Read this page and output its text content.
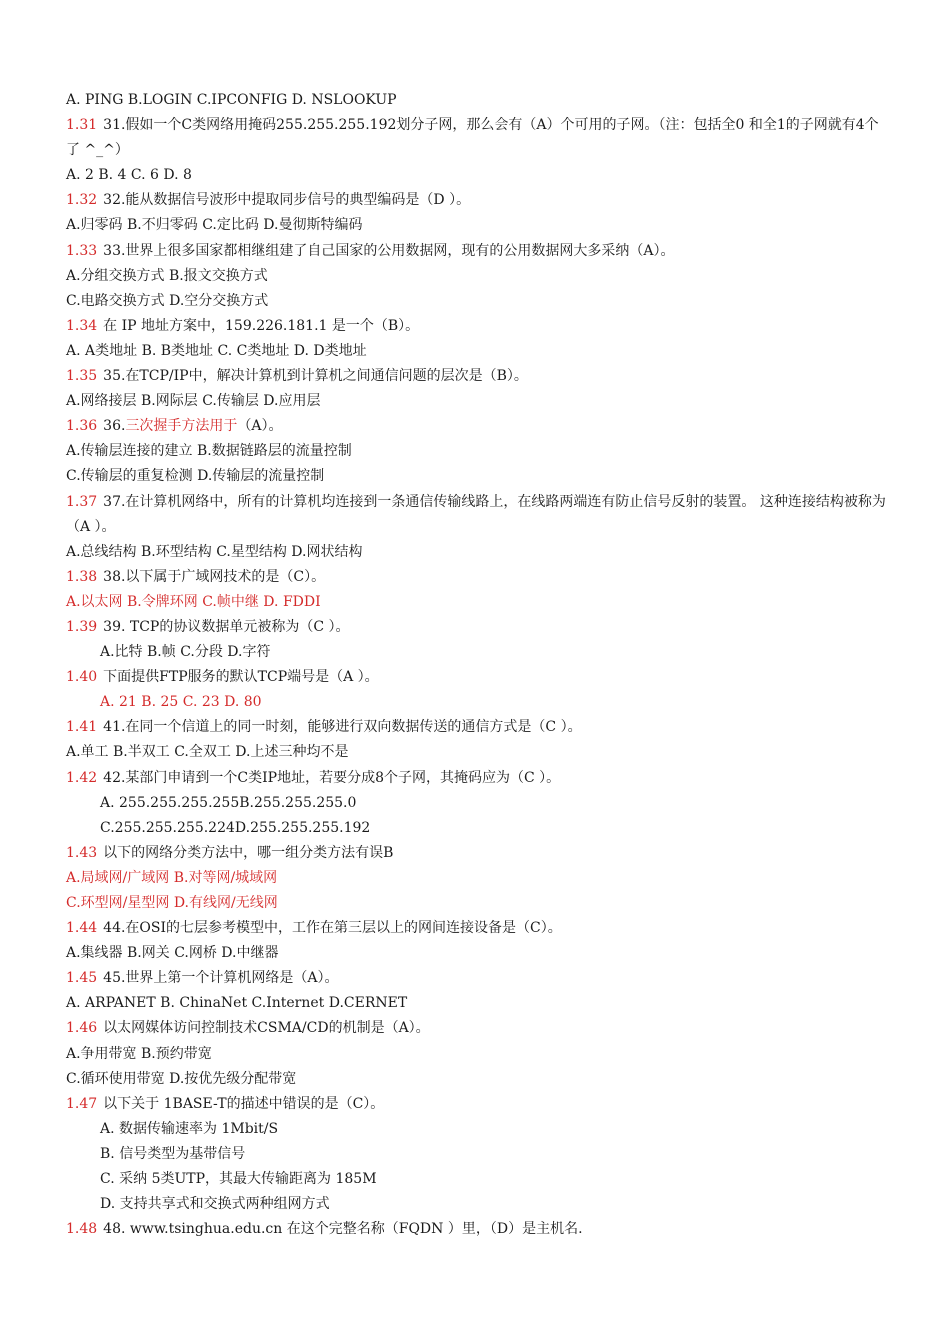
A. PING B.LOGIN C.IPCONFIG D. NSLOOKUP
1.31 31.假如一个C类网络用掩码255.255.255.192划分子网，那么会有（A）个可用的子网。（注：包括全0 和全1的子网就有4个了 ^_^）
A. 2 B. 4 C. 6 D. 8
1.32 32.能从数据信号波形中提取同步信号的典型编码是（D ）。
A.归零码 B.不归零码 C.定比码 D.曼彻斯特编码
1.33 33.世界上很多国家都相继组建了自己国家的公用数据网，现有的公用数据网大多采纳（A）。
A.分组交换方式 B.报文交换方式
C.电路交换方式 D.空分交换方式
1.34 在 IP 地址方案中，159.226.181.1 是一个（B）。
A. A类地址 B. B类地址 C. C类地址 D. D类地址
1.35 35.在TCP/IP中，解决计算机到计算机之间通信问题的层次是（B）。
A.网络接层 B.网际层 C.传输层 D.应用层
1.36 36.三次握手方法用于（A）。
A.传输层连接的建立 B.数据链路层的流量控制
C.传输层的重复检测 D.传输层的流量控制
1.37 37.在计算机网络中，所有的计算机均连接到一条通信传输线路上，在线路两端连有防止信号反射的装置。 这种连接结构被称为（A ）。
A.总线结构 B.环型结构 C.星型结构 D.网状结构
1.38 38.以下属于广域网技术的是（C）。
A.以太网 B.令牌环网 C.帧中继 D. FDDI
1.39 39. TCP的协议数据单元被称为（C ）。
A.比特 B.帧 C.分段 D.字符
1.40 下面提供FTP服务的默认TCP端号是（A ）。
A. 21 B. 25 C. 23 D. 80
1.41 41.在同一个信道上的同一时刻，能够进行双向数据传送的通信方式是（C ）。
A.单工 B.半双工 C.全双工 D.上述三种均不是
1.42 42.某部门申请到一个C类IP地址，若要分成8个子网，其掩码应为（C ）。
A. 255.255.255.255B.255.255.255.0
C.255.255.255.224D.255.255.255.192
1.43 以下的网络分类方法中，哪一组分类方法有误B
A.局域网/广域网 B.对等网/城域网
C.环型网/星型网 D.有线网/无线网
1.44 44.在OSI的七层参考模型中，工作在第三层以上的网间连接设备是（C）。
A.集线器 B.网关 C.网桥 D.中继器
1.45 45.世界上第一个计算机网络是（A）。
A. ARPANET B. ChinaNet C.Internet D.CERNET
1.46 以太网媒体访问控制技术CSMA/CD的机制是（A）。
A.争用带宽 B.预约带宽
C.循环使用带宽 D.按优先级分配带宽
1.47 以下关于 1BASE-T的描述中错误的是（C）。
A. 数据传输速率为 1Mbit/S
B. 信号类型为基带信号
C. 采纳 5类UTP，其最大传输距离为 185M
D. 支持共享式和交换式两种组网方式
1.48 48. www.tsinghua.edu.cn 在这个完整名称（FQDN ）里，（D）是主机名.
